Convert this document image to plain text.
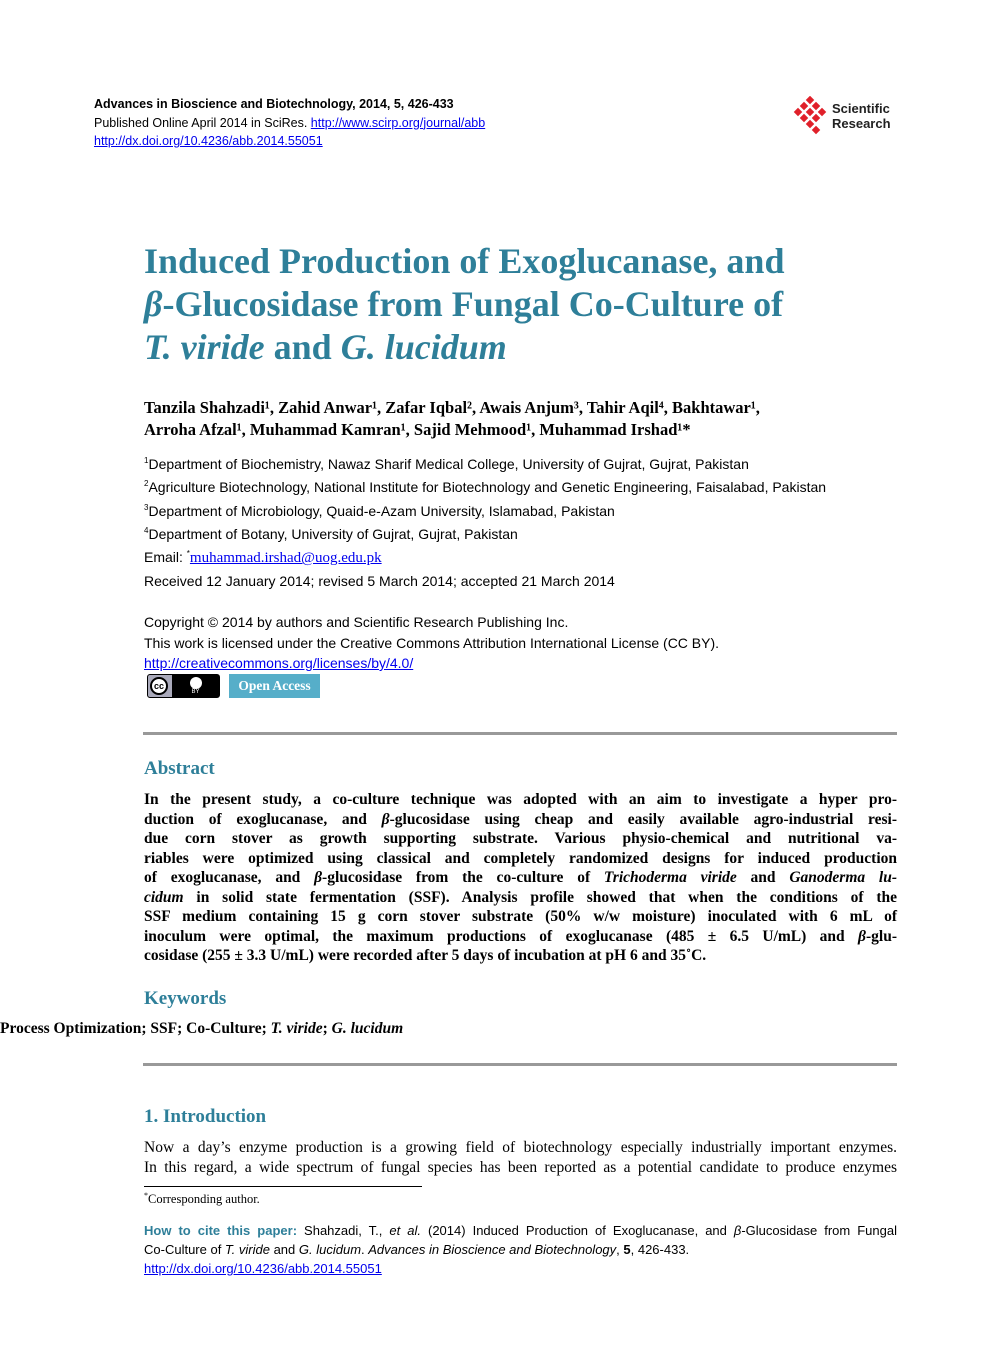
Advances in Bioscience and Biotechnology, 2014, 5, 426-433
Published Online April 2014 in SciRes. http://www.scirp.org/journal/abb
http://dx.doi.org/10.4236/abb.2014.55051
Scientific
Research
Induced Production of Exoglucanase, and
β-Glucosidase from Fungal Co-Culture of
T. viride and G. lucidum
Tanzila Shahzadi¹, Zahid Anwar¹, Zafar Iqbal², Awais Anjum³, Tahir Aqil⁴, Bakhtawar¹,
Arroha Afzal¹, Muhammad Kamran¹, Sajid Mehmood¹, Muhammad Irshad¹*
$^1$Department of Biochemistry, Nawaz Sharif Medical College, University of Gujrat, Gujrat, Pakistan
$^2$Agriculture Biotechnology, National Institute for Biotechnology and Genetic Engineering, Faisalabad, Pakistan
$^3$Department of Microbiology, Quaid-e-Azam University, Islamabad, Pakistan
$^4$Department of Botany, University of Gujrat, Gujrat, Pakistan
Email: *muhammad.irshad@uog.edu.pk
Received 12 January 2014; revised 5 March 2014; accepted 21 March 2014
Copyright © 2014 by authors and Scientific Research Publishing Inc.
This work is licensed under the Creative Commons Attribution International License (CC BY).
http://creativecommons.org/licenses/by/4.0/
cc
BY	Open Access
Abstract
In the present study, a co-culture technique was adopted with an aim to investigate a hyper pro-
duction of exoglucanase, and β-glucosidase using cheap and easily available agro-industrial resi-
due corn stover as growth supporting substrate. Various physio-chemical and nutritional va-
riables were optimized using classical and completely randomized designs for induced production
of exoglucanase, and β-glucosidase from the co-culture of Trichoderma viride and Ganoderma lu-
cidum in solid state fermentation (SSF). Analysis profile showed that when the conditions of the
SSF medium containing 15 g corn stover substrate (50% w/w moisture) inoculated with 6 mL of
inoculum were optimal, the maximum productions of exoglucanase (485 ± 6.5 U/mL) and β-glu-
cosidase (255 ± 3.3 U/mL) were recorded after 5 days of incubation at pH 6 and 35˚C.
Keywords
Process Optimization; SSF; Co-Culture; T. viride; G. lucidum
1. Introduction
Now a day’s enzyme production is a growing field of biotechnology especially industrially important enzymes.
In this regard, a wide spectrum of fungal species has been reported as a potential candidate to produce enzymes
*Corresponding author.
How to cite this paper: Shahzadi, T., et al. (2014) Induced Production of Exoglucanase, and β-Glucosidase from Fungal
Co-Culture of T. viride and G. lucidum. Advances in Bioscience and Biotechnology, 5, 426-433.
http://dx.doi.org/10.4236/abb.2014.55051
